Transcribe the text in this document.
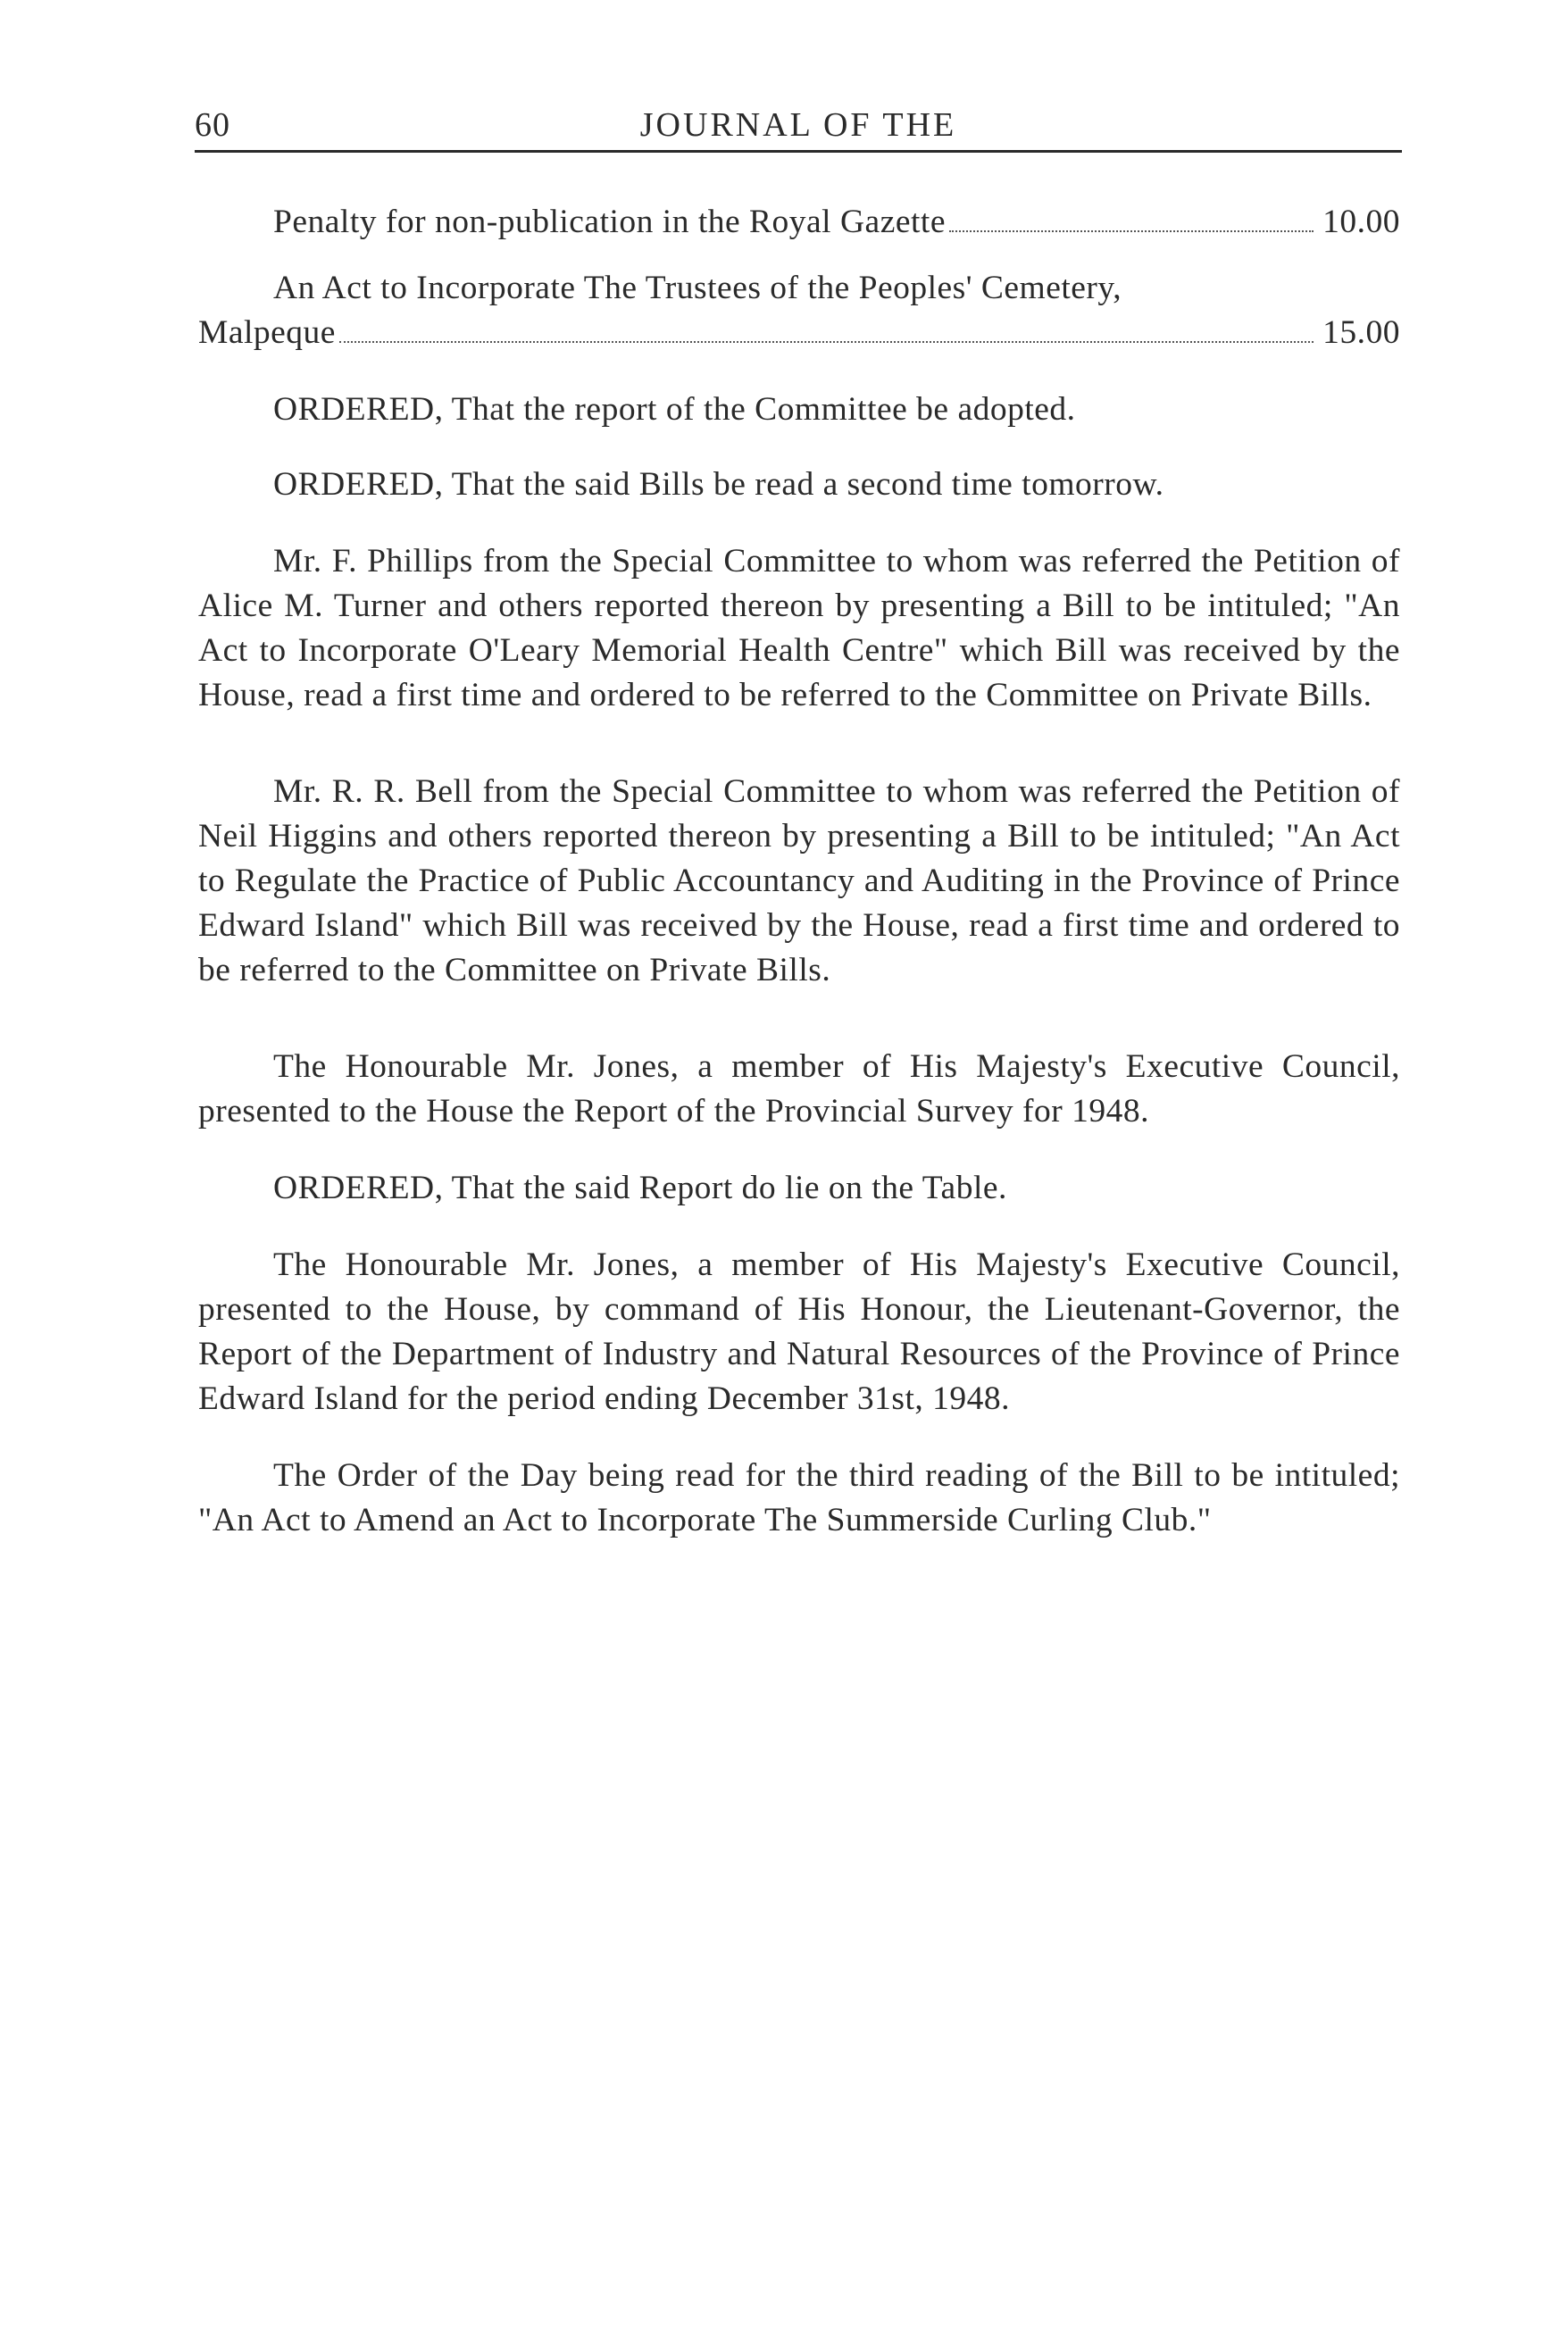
60	JOURNAL OF THE
Penalty for non-publication in the Royal Gazette	10.00
An Act to Incorporate The Trustees of the Peoples' Cemetery,
Malpeque	15.00

ORDERED, That the report of the Committee be adopted.

ORDERED, That the said Bills be read a second time tomorrow.

Mr. F. Phillips from the Special Committee to whom was referred the Petition of Alice M. Turner and others reported thereon by presenting a Bill to be intituled; "An Act to Incorporate O'Leary Memorial Health Centre" which Bill was received by the House, read a first time and ordered to be referred to the Committee on Private Bills.

Mr. R. R. Bell from the Special Committee to whom was referred the Petition of Neil Higgins and others reported thereon by presenting a Bill to be intituled; "An Act to Regulate the Practice of Public Accountancy and Auditing in the Province of Prince Edward Island" which Bill was received by the House, read a first time and ordered to be referred to the Committee on Private Bills.

The Honourable Mr. Jones, a member of His Majesty's Executive Council, presented to the House the Report of the Provincial Survey for 1948.

ORDERED, That the said Report do lie on the Table.

The Honourable Mr. Jones, a member of His Majesty's Executive Council, presented to the House, by command of His Honour, the Lieutenant-Governor, the Report of the Department of Industry and Natural Resources of the Province of Prince Edward Island for the period ending December 31st, 1948.

The Order of the Day being read for the third reading of the Bill to be intituled; "An Act to Amend an Act to Incorporate The Summerside Curling Club."
